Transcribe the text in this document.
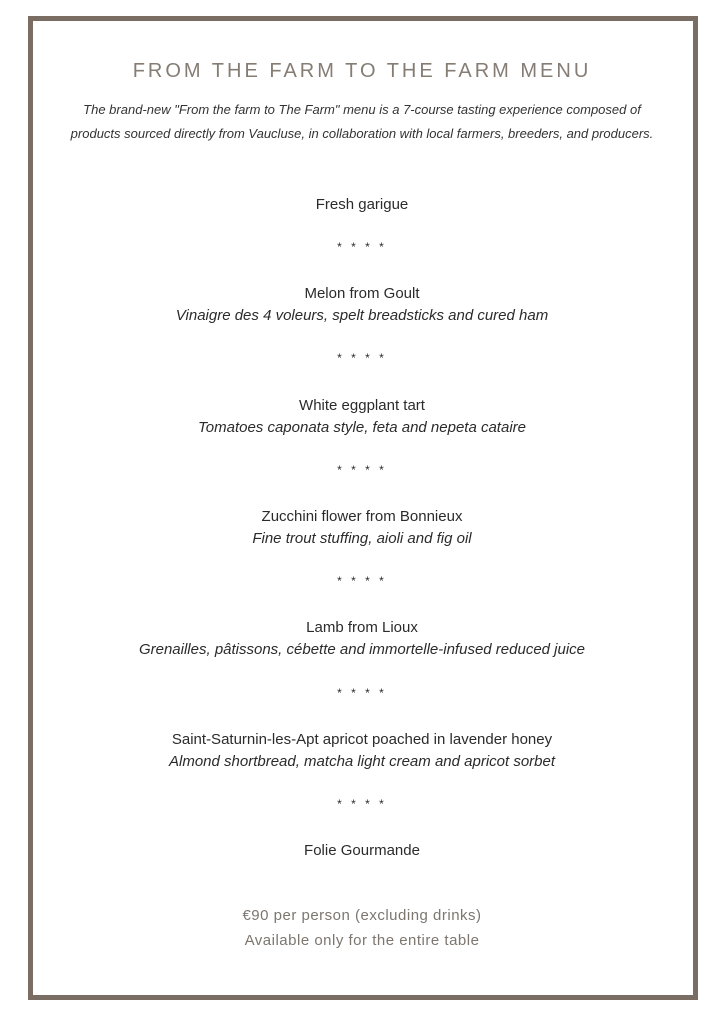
FROM THE FARM TO THE FARM MENU

The brand-new "From the farm to The Farm" menu is a 7-course tasting experience composed of products sourced directly from Vaucluse, in collaboration with local farmers, breeders, and producers.

Fresh garigue
* * * *
Melon from Goult
Vinaigre des 4 voleurs, spelt breadsticks and cured ham
* * * *
White eggplant tart
Tomatoes caponata style, feta and nepeta cataire
* * * *
Zucchini flower from Bonnieux
Fine trout stuffing, aioli and fig oil
* * * *
Lamb from Lioux
Grenailles, pâtissons, cébette and immortelle-infused reduced juice
* * * *
Saint-Saturnin-les-Apt apricot poached in lavender honey
Almond shortbread, matcha light cream and apricot sorbet
* * * *
Folie Gourmande
€90 per person (excluding drinks)
Available only for the entire table
